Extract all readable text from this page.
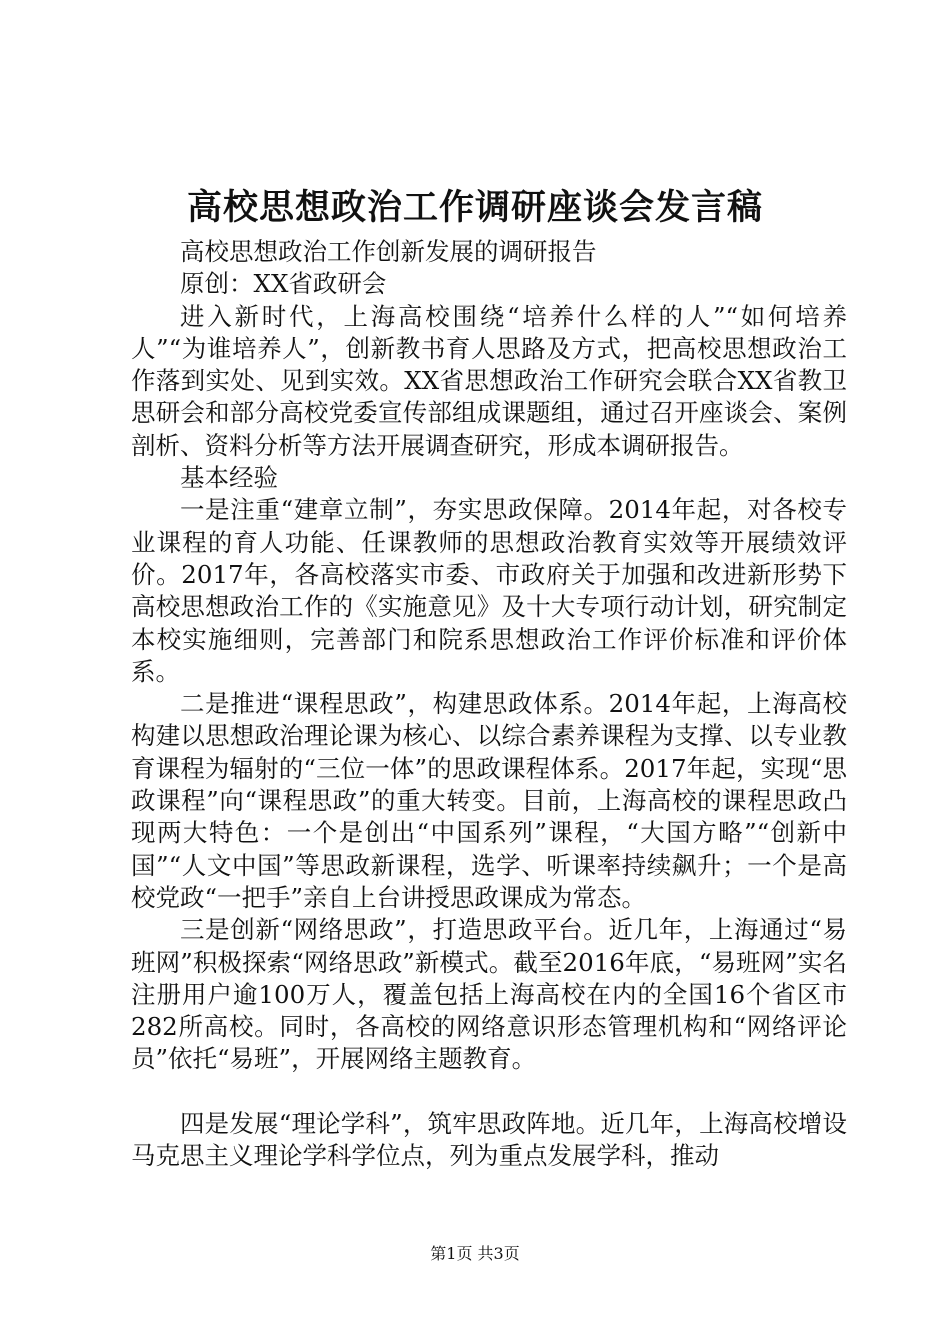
高校思想政治工作调研座谈会发言稿

高校思想政治工作创新发展的调研报告

原创：XX省政研会

进入新时代，上海高校围绕“培养什么样的人”“如何培养人”“为谁培养人”，创新教书育人思路及方式，把高校思想政治工作落到实处、见到实效。XX省思想政治工作研究会联合XX省教卫思研会和部分高校党委宣传部组成课题组，通过召开座谈会、案例剖析、资料分析等方法开展调查研究，形成本调研报告。

基本经验

一是注重“建章立制”，夯实思政保障。2014年起，对各校专业课程的育人功能、任课教师的思想政治教育实效等开展绩效评价。2017年，各高校落实市委、市政府关于加强和改进新形势下高校思想政治工作的《实施意见》及十大专项行动计划，研究制定本校实施细则，完善部门和院系思想政治工作评价标准和评价体系。

二是推进“课程思政”，构建思政体系。2014年起，上海高校构建以思想政治理论课为核心、以综合素养课程为支撑、以专业教育课程为辐射的“三位一体”的思政课程体系。2017年起，实现“思政课程”向“课程思政”的重大转变。目前，上海高校的课程思政凸现两大特色：一个是创出“中国系列”课程，“大国方略”“创新中国”“人文中国”等思政新课程，选学、听课率持续飙升；一个是高校党政“一把手”亲自上台讲授思政课成为常态。

三是创新“网络思政”，打造思政平台。近几年，上海通过“易班网”积极探索“网络思政”新模式。截至2016年底，“易班网”实名注册用户逾100万人，覆盖包括上海高校在内的全国16个省区市282所高校。同时，各高校的网络意识形态管理机构和“网络评论员”依托“易班”，开展网络主题教育。

四是发展“理论学科”，筑牢思政阵地。近几年，上海高校增设马克思主义理论学科学位点，列为重点发展学科，推动

第1页 共3页
